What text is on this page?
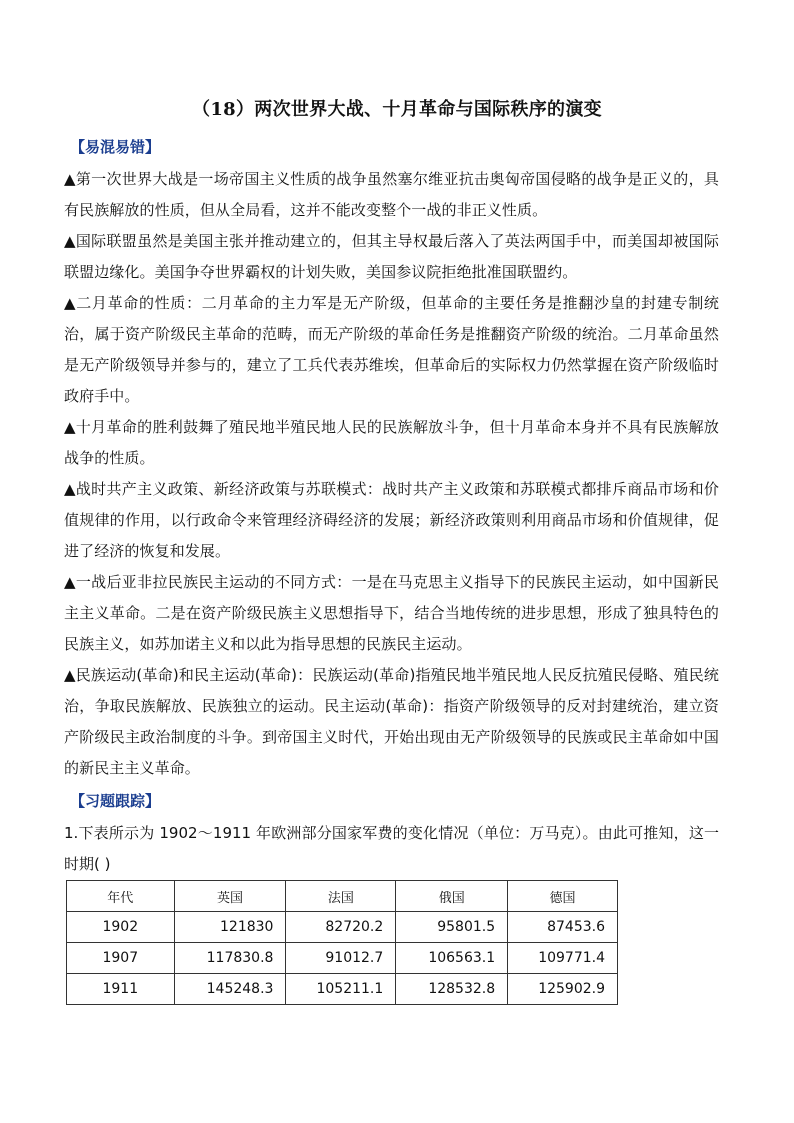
（18）两次世界大战、十月革命与国际秩序的演变
【易混易错】

▲第一次世界大战是一场帝国主义性质的战争虽然塞尔维亚抗击奥匈帝国侵略的战争是正义的，具有民族解放的性质，但从全局看，这并不能改变整个一战的非正义性质。

▲国际联盟虽然是美国主张并推动建立的，但其主导权最后落入了英法两国手中，而美国却被国际联盟边缘化。美国争夺世界霸权的计划失败，美国参议院拒绝批准国联盟约。

▲二月革命的性质：二月革命的主力军是无产阶级，但革命的主要任务是推翻沙皇的封建专制统治，属于资产阶级民主革命的范畴，而无产阶级的革命任务是推翻资产阶级的统治。二月革命虽然是无产阶级领导并参与的，建立了工兵代表苏维埃，但革命后的实际权力仍然掌握在资产阶级临时政府手中。

▲十月革命的胜利鼓舞了殖民地半殖民地人民的民族解放斗争，但十月革命本身并不具有民族解放战争的性质。

▲战时共产主义政策、新经济政策与苏联模式：战时共产主义政策和苏联模式都排斥商品市场和价值规律的作用，以行政命令来管理经济碍经济的发展；新经济政策则利用商品市场和价值规律，促进了经济的恢复和发展。

▲一战后亚非拉民族民主运动的不同方式：一是在马克思主义指导下的民族民主运动，如中国新民主主义革命。二是在资产阶级民族主义思想指导下，结合当地传统的进步思想，形成了独具特色的民族主义，如苏加诺主义和以此为指导思想的民族民主运动。

▲民族运动(革命)和民主运动(革命)：民族运动(革命)指殖民地半殖民地人民反抗殖民侵略、殖民统治，争取民族解放、民族独立的运动。民主运动(革命)：指资产阶级领导的反对封建统治，建立资产阶级民主政治制度的斗争。到帝国主义时代，开始出现由无产阶级领导的民族或民主革命如中国的新民主主义革命。

【习题跟踪】
1.下表所示为 1902～1911 年欧洲部分国家军费的变化情况（单位：万马克）。由此可推知，这一时期( )
年代	英国	法国	俄国	德国
1902	121830	82720.2	95801.5	87453.6
1907	117830.8	91012.7	106563.1	109771.4
1911	145248.3	105211.1	128532.8	125902.9
